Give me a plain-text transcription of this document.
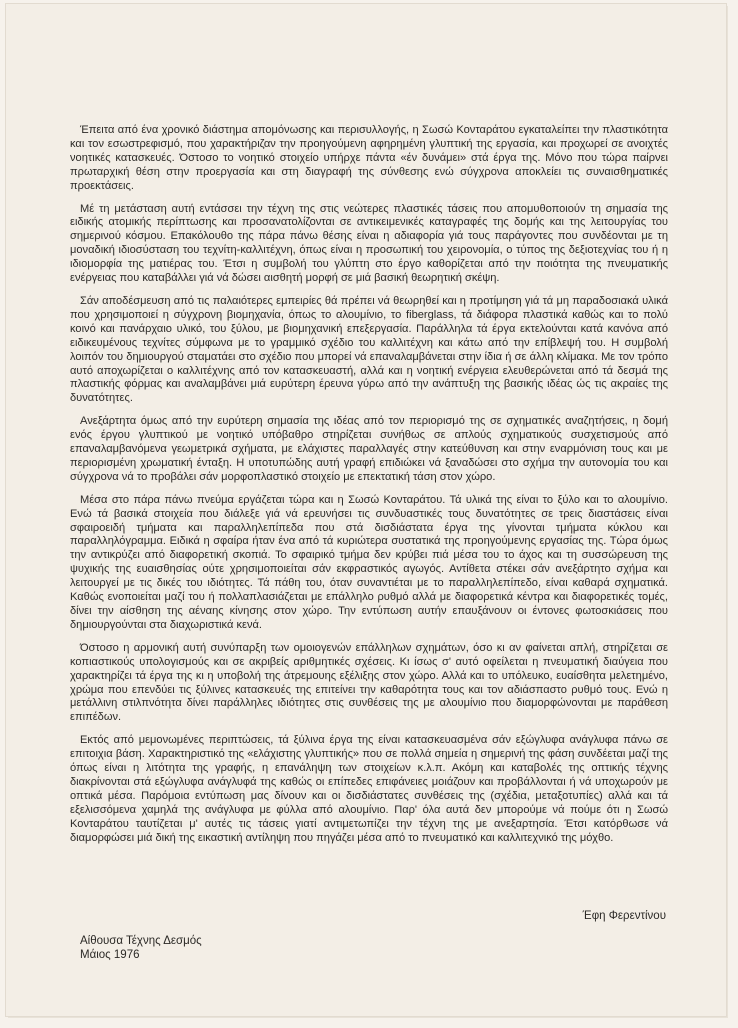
Έπειτα από ένα χρονικό διάστημα απομόνωσης και περισυλλογής, η Σωσώ Κονταράτου εγκαταλείπει την πλαστικότητα και τον εσωστρεφισμό, που χαρακτήριζαν την προηγούμενη αφηρημένη γλυπτική της εργασία, και προχωρεί σε ανοιχτές νοητικές κατασκευές. Όστοσο το νοητικό στοιχείο υπήρχε πάντα «έν δυνάμει» στά έργα της. Μόνο που τώρα παίρνει πρωταρχική θέση στην προεργασία και στη διαγραφή της σύνθεσης ενώ σύγχρονα αποκλείει τις συναισθηματικές προεκτάσεις.

Μέ τη μετάσταση αυτή εντάσσει την τέχνη της στις νεώτερες πλαστικές τάσεις που απομυθοποιούν τη σημασία της ειδικής ατομικής περίπτωσης και προσανατολίζονται σε αντικειμενικές καταγραφές της δομής και της λειτουργίας του σημερινού κόσμου. Επακόλουθο της πάρα πάνω θέσης είναι η αδιαφορία γιά τους παράγοντες που συνδέονται με τη μοναδική ιδιοσύσταση του τεχνίτη-καλλιτέχνη, όπως είναι η προσωπική του χειρονομία, ο τύπος της δεξιοτεχνίας του ή η ιδιομορφία της ματιέρας του. Έτσι η συμβολή του γλύπτη στο έργο καθορίζεται από την ποιότητα της πνευματικής ενέργειας που καταβάλλει γιά νά δώσει αισθητή μορφή σε μιά βασική θεωρητική σκέψη.

Σάν αποδέσμευση από τις παλαιότερες εμπειρίες θά πρέπει νά θεωρηθεί και η προτίμηση γιά τά μη παραδοσιακά υλικά που χρησιμοποιεί η σύγχρονη βιομηχανία, όπως το αλουμίνιο, το fiberglass, τά διάφορα πλαστικά καθώς και το πολύ κοινό και πανάρχαιο υλικό, του ξύλου, με βιομηχανική επεξεργασία. Παράλληλα τά έργα εκτελούνται κατά κανόνα από ειδικευμένους τεχνίτες σύμφωνα με το γραμμικό σχέδιο του καλλιτέχνη και κάτω από την επίβλεψή του. Η συμβολή λοιπόν του δημιουργού σταματάει στο σχέδιο που μπορεί νά επαναλαμβάνεται στην ίδια ή σε άλλη κλίμακα. Με τον τρόπο αυτό αποχωρίζεται ο καλλιτέχνης από τον κατασκευαστή, αλλά και η νοητική ενέργεια ελευθερώνεται από τά δεσμά της πλαστικής φόρμας και αναλαμβάνει μιά ευρύτερη έρευνα γύρω από την ανάπτυξη της βασικής ιδέας ώς τις ακραίες της δυνατότητες.

Ανεξάρτητα όμως από την ευρύτερη σημασία της ιδέας από τον περιορισμό της σε σχηματικές αναζητήσεις, η δομή ενός έργου γλυπτικού με νοητικό υπόβαθρο στηρίζεται συνήθως σε απλούς σχηματικούς συσχετισμούς από επαναλαμβανόμενα γεωμετρικά σχήματα, με ελάχιστες παραλλαγές στην κατεύθυνση και στην εναρμόνιση τους και με περιορισμένη χρωματική ένταξη. Η υποτυπώδης αυτή γραφή επιδιώκει νά ξαναδώσει στο σχήμα την αυτονομία του και σύγχρονα νά το προβάλει σάν μορφοπλαστικό στοιχείο με επεκτατική τάση στον χώρο.

Μέσα στο πάρα πάνω πνεύμα εργάζεται τώρα και η Σωσώ Κονταράτου. Τά υλικά της είναι το ξύλο και το αλουμίνιο. Ενώ τά βασικά στοιχεία που διάλεξε γιά νά ερευνήσει τις συνδυαστικές τους δυνατότητες σε τρεις διαστάσεις είναι σφαιροειδή τμήματα και παραλληλεπίπεδα που στά δισδιάστατα έργα της γίνονται τμήματα κύκλου και παραλληλόγραμμα. Ειδικά η σφαίρα ήταν ένα από τά κυριώτερα συστατικά της προηγούμενης εργασίας της. Τώρα όμως την αντικρύζει από διαφορετική σκοπιά. Το σφαιρικό τμήμα δεν κρύβει πιά μέσα του το άχος και τη συσσώρευση της ψυχικής της ευαισθησίας ούτε χρησιμοποιείται σάν εκφραστικός αγωγός. Αντίθετα στέκει σάν ανεξάρτητο σχήμα και λειτουργεί με τις δικές του ιδιότητες. Τά πάθη του, όταν συναντιέται με το παραλληλεπίπεδο, είναι καθαρά σχηματικά. Καθώς ενοποιείται μαζί του ή πολλαπλασιάζεται με επάλληλο ρυθμό αλλά με διαφορετικά κέντρα και διαφορετικές τομές, δίνει την αίσθηση της αέναης κίνησης στον χώρο. Την εντύπωση αυτήν επαυξάνουν οι έντονες φωτοσκιάσεις που δημιουργούνται στα διαχωριστικά κενά.

Όστοσο η αρμονική αυτή συνύπαρξη των ομοιογενών επάλληλων σχημάτων, όσο κι αν φαίνεται απλή, στηρίζεται σε κοπιαστικούς υπολογισμούς και σε ακριβείς αριθμητικές σχέσεις. Κι ίσως σ' αυτό οφείλεται η πνευματική διαύγεια που χαρακτηρίζει τά έργα της κι η υποβολή της άτρεμουης εξέλιξης στον χώρο. Αλλά και το υπόλευκο, ευαίσθητα μελετημένο, χρώμα που επενδύει τις ξύλινες κατασκευές της επιτείνει την καθαρότητα τους και τον αδιάσπαστο ρυθμό τους. Ενώ η μετάλλινη στιλπνότητα δίνει παράλληλες ιδιότητες στις συνθέσεις της με αλουμίνιο που διαμορφώνονται με παράθεση επιπέδων.

Εκτός από μεμονωμένες περιπτώσεις, τά ξύλινα έργα της είναι κατασκευασμένα σάν εξώγλυφα ανάγλυφα πάνω σε επιτοιχια βάση. Χαρακτηριστικό της «ελάχιστης γλυπτικής» που σε πολλά σημεία η σημερινή της φάση συνδέεται μαζί της όπως είναι η λιτότητα της γραφής, η επανάληψη των στοιχείων κ.λ.π. Ακόμη και καταβολές της οπτικής τέχνης διακρίνονται στά εξώγλυφα ανάγλυφά της καθώς οι επίπεδες επιφάνειες μοιάζουν και προβάλλονται ή νά υποχωρούν με οπτικά μέσα. Παρόμοια εντύπωση μας δίνουν και οι δισδιάστατες συνθέσεις της (σχέδια, μεταξοτυπίες) αλλά και τά εξελισσόμενα χαμηλά της ανάγλυφα με φύλλα από αλουμίνιο. Παρ' όλα αυτά δεν μπορούμε νά πούμε ότι η Σωσώ Κονταράτου ταυτίζεται μ' αυτές τις τάσεις γιατί αντιμετωπίζει την τέχνη της με ανεξαρτησία. Έτσι κατόρθωσε νά διαμορφώσει μιά δική της εικαστική αντίληψη που πηγάζει μέσα από το πνευματικό και καλλιτεχνικό της μόχθο.

Έφη Φερεντίνου
Αίθουσα Τέχνης Δεσμός
Μάιος 1976
